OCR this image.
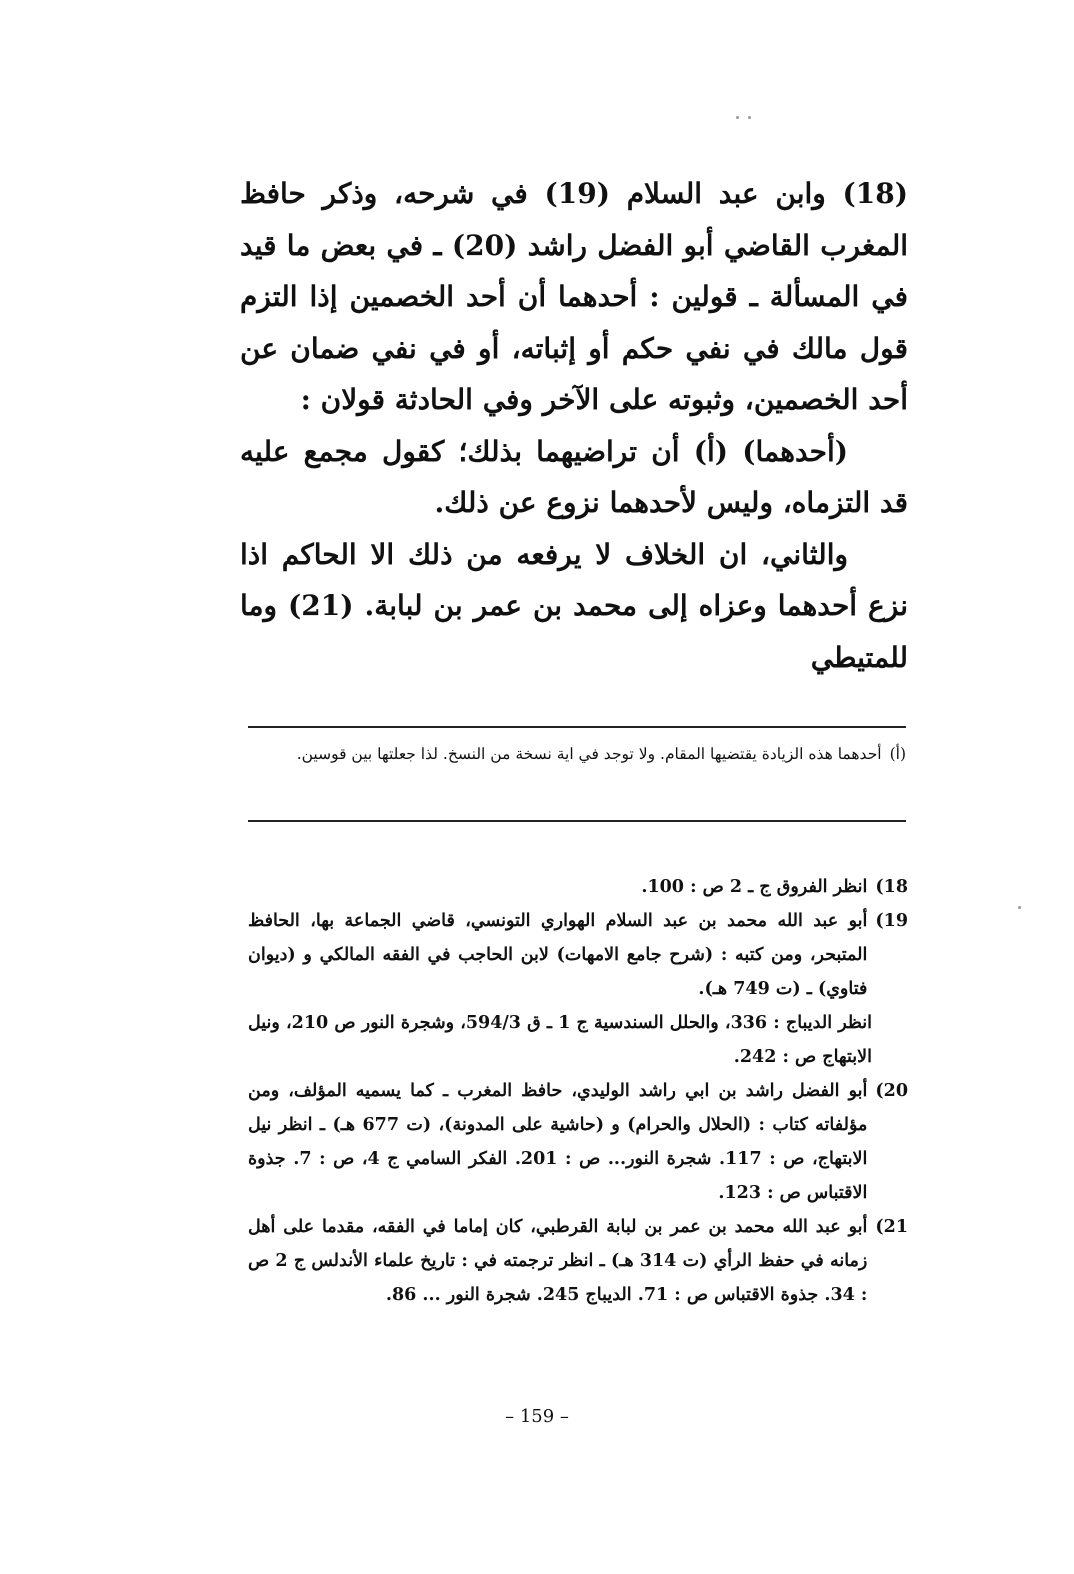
(18) وابن عبد السلام (19) في شرحه، وذكر حافظ المغرب القاضي أبو الفضل راشد (20) ـ في بعض ما قيد في المسألة ـ قولين : أحدهما أن أحد الخصمين إذا التزم قول مالك في نفي حكم أو إثباته، أو في نفي ضمان عن أحد الخصمين، وثبوته على الآخر وفي الحادثة قولان :

(أحدهما) (أ) أن تراضيهما بذلك؛ كقول مجمع عليه قد التزماه، وليس لأحدهما نزوع عن ذلك.

والثاني، ان الخلاف لا يرفعه من ذلك الا الحاكم اذا نزع أحدهما وعزاه إلى محمد بن عمر بن لبابة. (21) وما للمتيطي

(أ)
أحدهما هذه الزيادة يقتضيها المقام. ولا توجد في اية نسخة من النسخ. لذا جعلتها بين قوسين.
18)
انظر الفروق ج ـ 2 ص : 100.
19)
أبو عبد الله محمد بن عبد السلام الهواري التونسي، قاضي الجماعة بها، الحافظ المتبحر، ومن كتبه : (شرح جامع الامهات) لابن الحاجب في الفقه المالكي و (ديوان فتاوي) ـ (ت 749 هـ).
انظر الديباج : 336، والحلل السندسية ج 1 ـ ق 594/3، وشجرة النور ص 210، ونيل الابتهاج ص : 242.
20)
أبو الفضل راشد بن ابي راشد الوليدي، حافظ المغرب ـ كما يسميه المؤلف، ومن مؤلفاته كتاب : (الحلال والحرام) و (حاشية على المدونة)، (ت 677 هـ) ـ انظر نيل الابتهاج، ص : 117. شجرة النور... ص : 201. الفكر السامي ج 4، ص : 7. جذوة الاقتباس ص : 123.
21)
أبو عبد الله محمد بن عمر بن لبابة القرطبي، كان إماما في الفقه، مقدما على أهل زمانه في حفظ الرأي (ت 314 هـ) ـ انظر ترجمته في : تاريخ علماء الأندلس ج 2 ص : 34. جذوة الاقتباس ص : 71. الديباج 245. شجرة النور ... 86.
– 159 –
